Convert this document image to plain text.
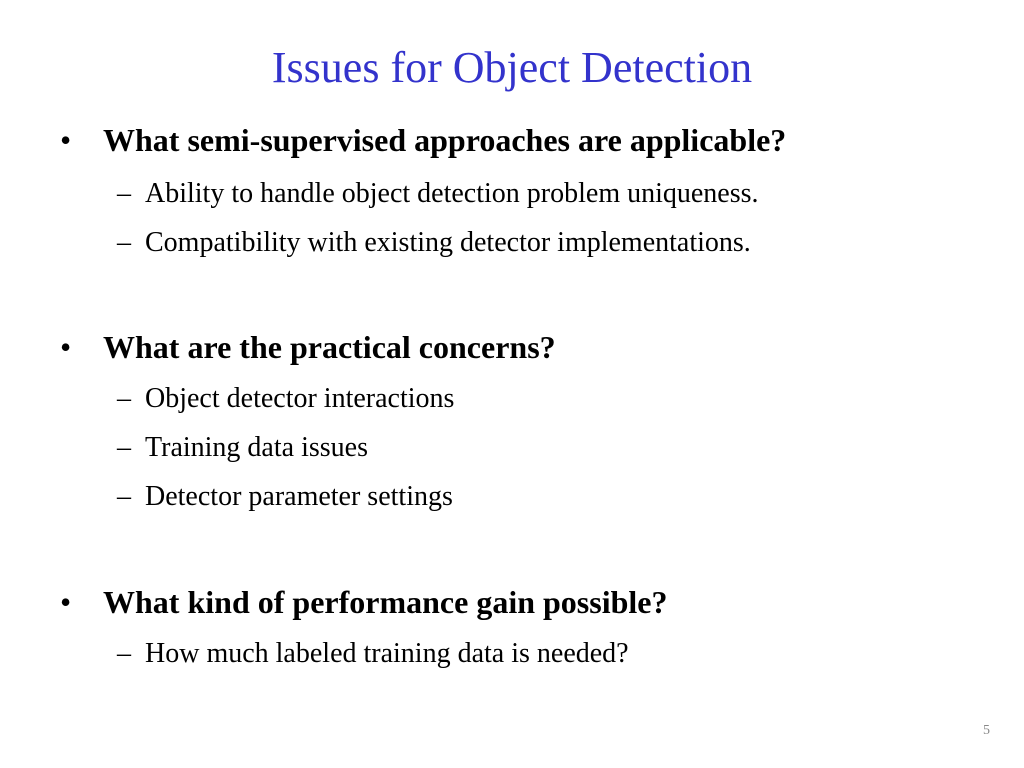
Issues for Object Detection
• What semi-supervised approaches are applicable?
– Ability to handle object detection problem uniqueness.
– Compatibility with existing detector implementations.
• What are the practical concerns?
– Object detector interactions
– Training data issues
– Detector parameter settings
• What kind of performance gain possible?
– How much labeled training data is needed?
5
